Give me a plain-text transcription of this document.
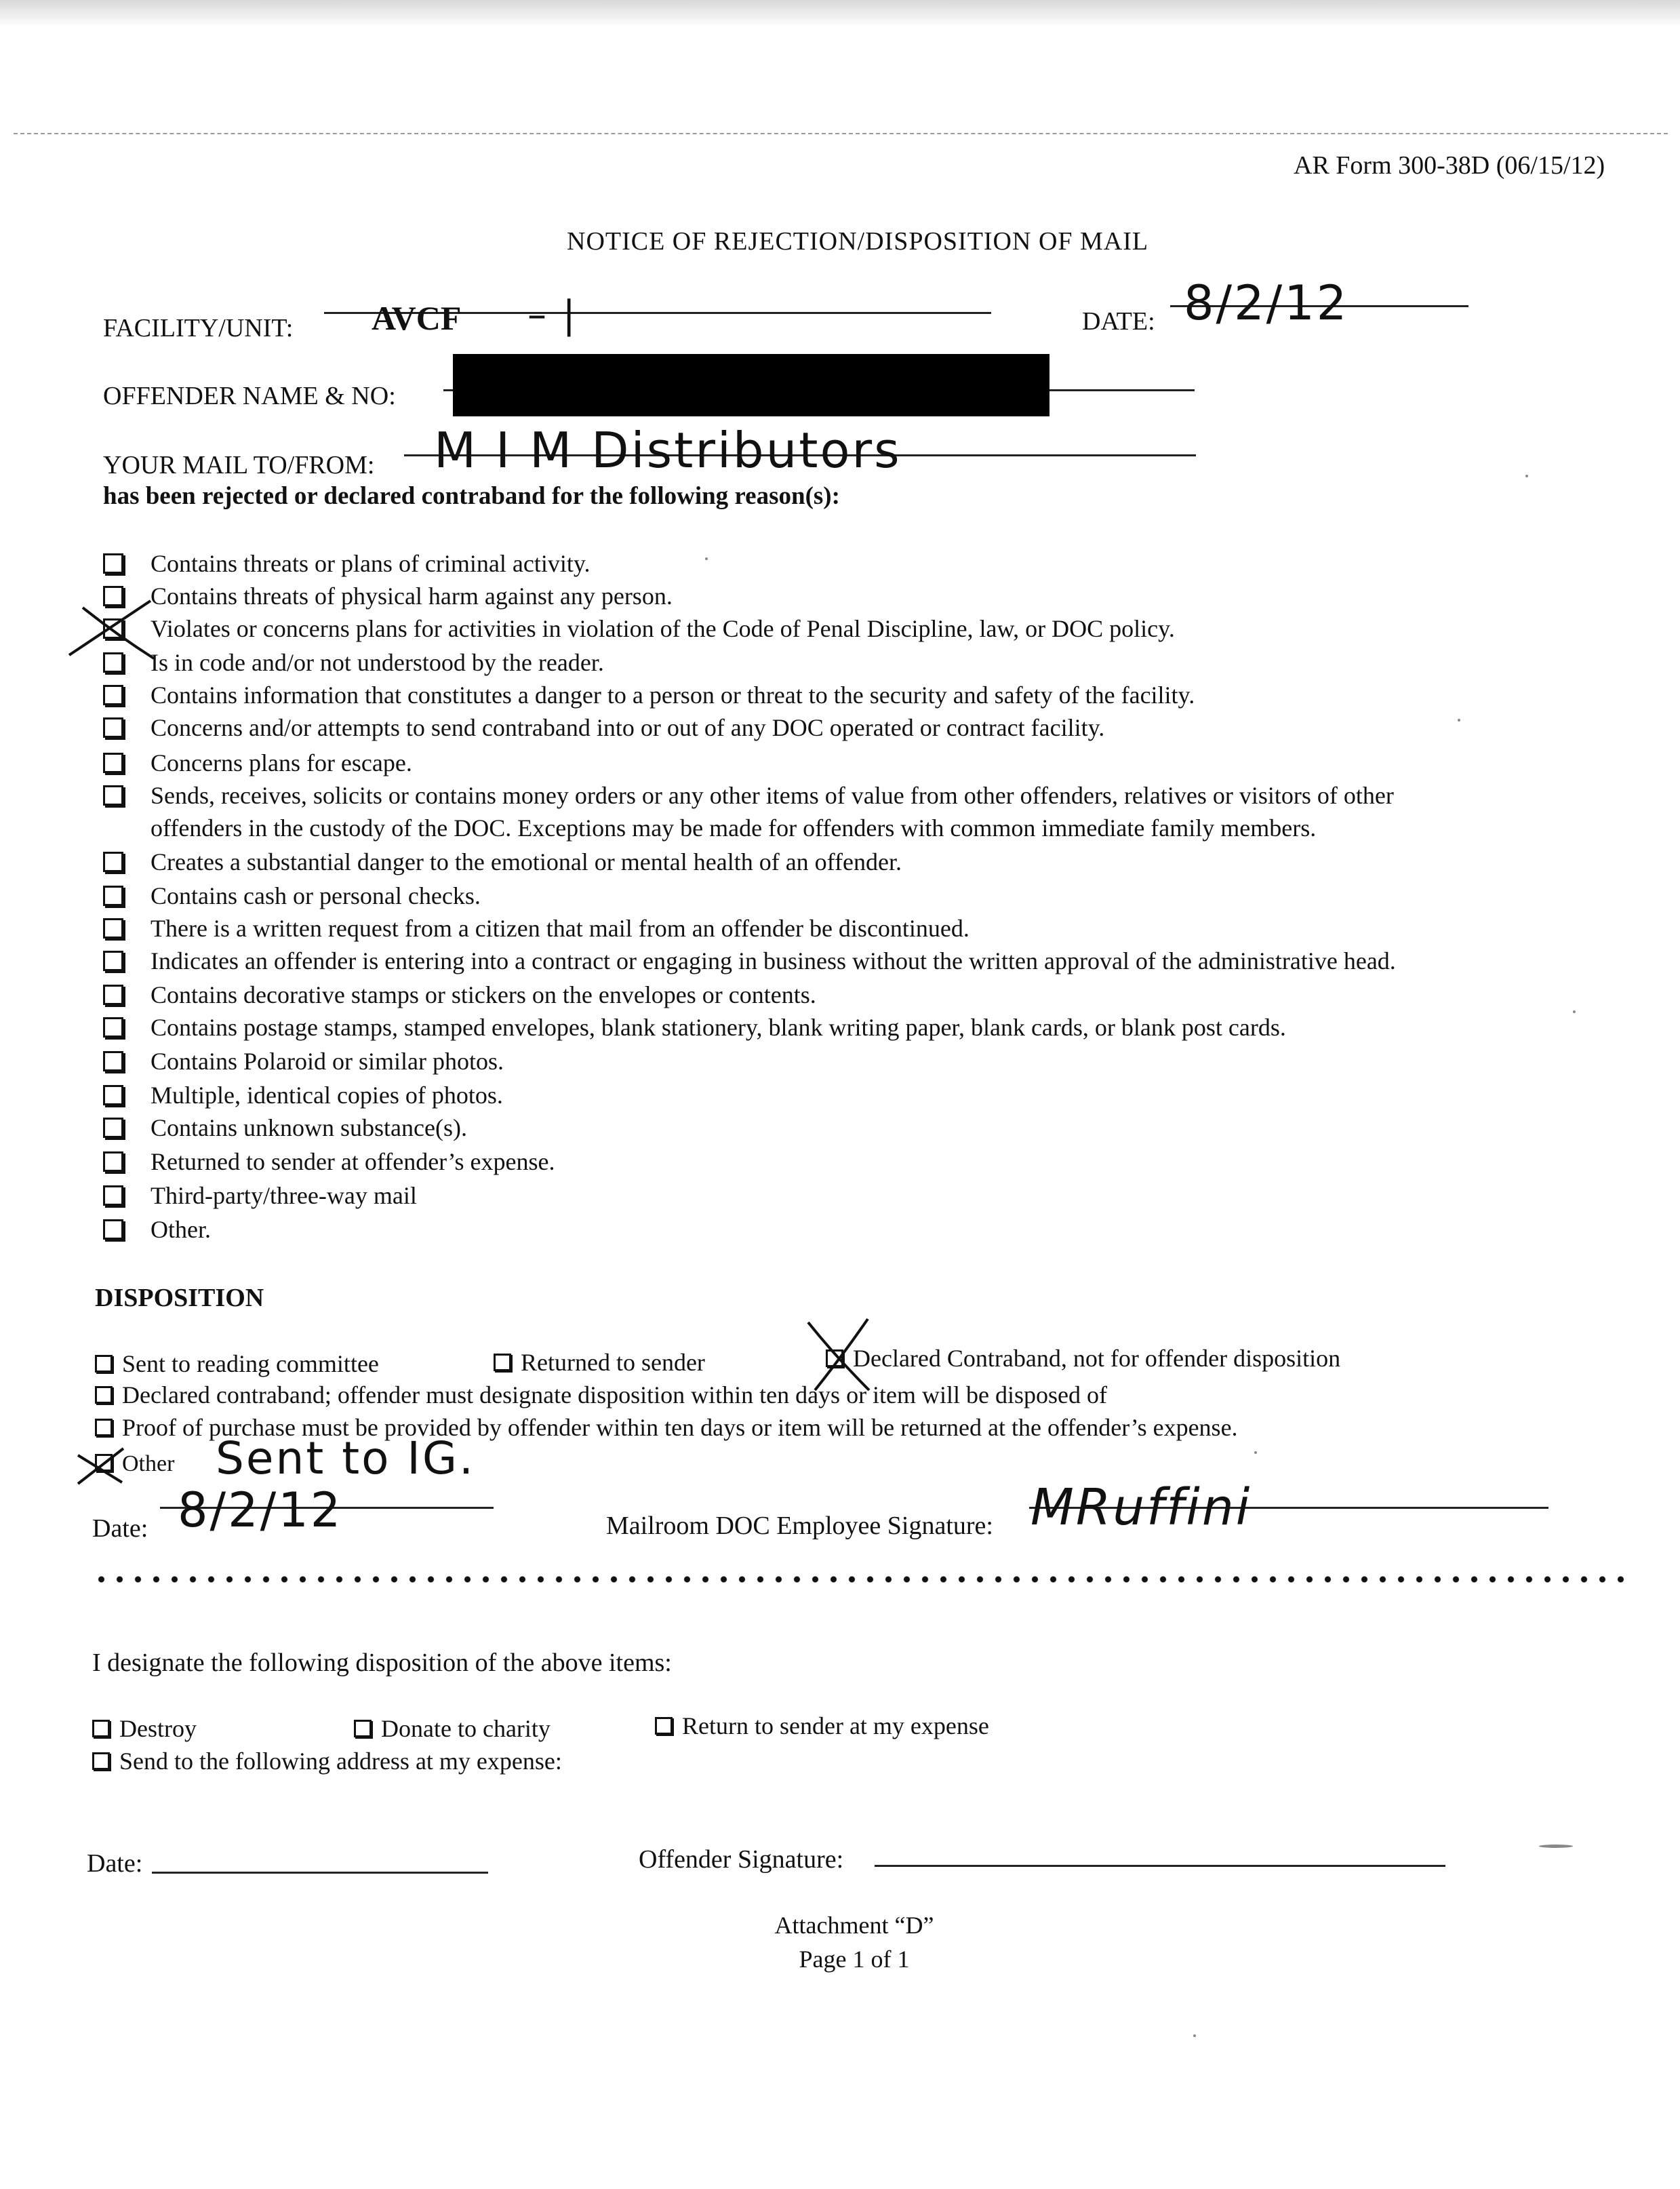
AR Form 300-38D (06/15/12)
NOTICE OF REJECTION/DISPOSITION OF MAIL
FACILITY/UNIT: AVCF – |	DATE: 8/2/12
OFFENDER NAME & NO:
YOUR MAIL TO/FROM: M I M Distributors
has been rejected or declared contraband for the following reason(s):
Contains threats or plans of criminal activity.
Contains threats of physical harm against any person.
Violates or concerns plans for activities in violation of the Code of Penal Discipline, law, or DOC policy.
Is in code and/or not understood by the reader.
Contains information that constitutes a danger to a person or threat to the security and safety of the facility.
Concerns and/or attempts to send contraband into or out of any DOC operated or contract facility.
Concerns plans for escape.
Sends, receives, solicits or contains money orders or any other items of value from other offenders, relatives or visitors of other
offenders in the custody of the DOC. Exceptions may be made for offenders with common immediate family members.
Creates a substantial danger to the emotional or mental health of an offender.
Contains cash or personal checks.
There is a written request from a citizen that mail from an offender be discontinued.
Indicates an offender is entering into a contract or engaging in business without the written approval of the administrative head.
Contains decorative stamps or stickers on the envelopes or contents.
Contains postage stamps, stamped envelopes, blank stationery, blank writing paper, blank cards, or blank post cards.
Contains Polaroid or similar photos.
Multiple, identical copies of photos.
Contains unknown substance(s).
Returned to sender at offender’s expense.
Third-party/three-way mail
Other.
DISPOSITION
Sent to reading committee	Returned to sender	Declared Contraband, not for offender disposition
Declared contraband; offender must designate disposition within ten days or item will be disposed of
Proof of purchase must be provided by offender within ten days or item will be returned at the offender’s expense.
Other Sent to IG.
Date: 8/2/12	Mailroom DOC Employee Signature: MRuffini
I designate the following disposition of the above items:
Destroy	Donate to charity	Return to sender at my expense
Send to the following address at my expense:
Date:	Offender Signature:
Attachment “D”
Page 1 of 1
